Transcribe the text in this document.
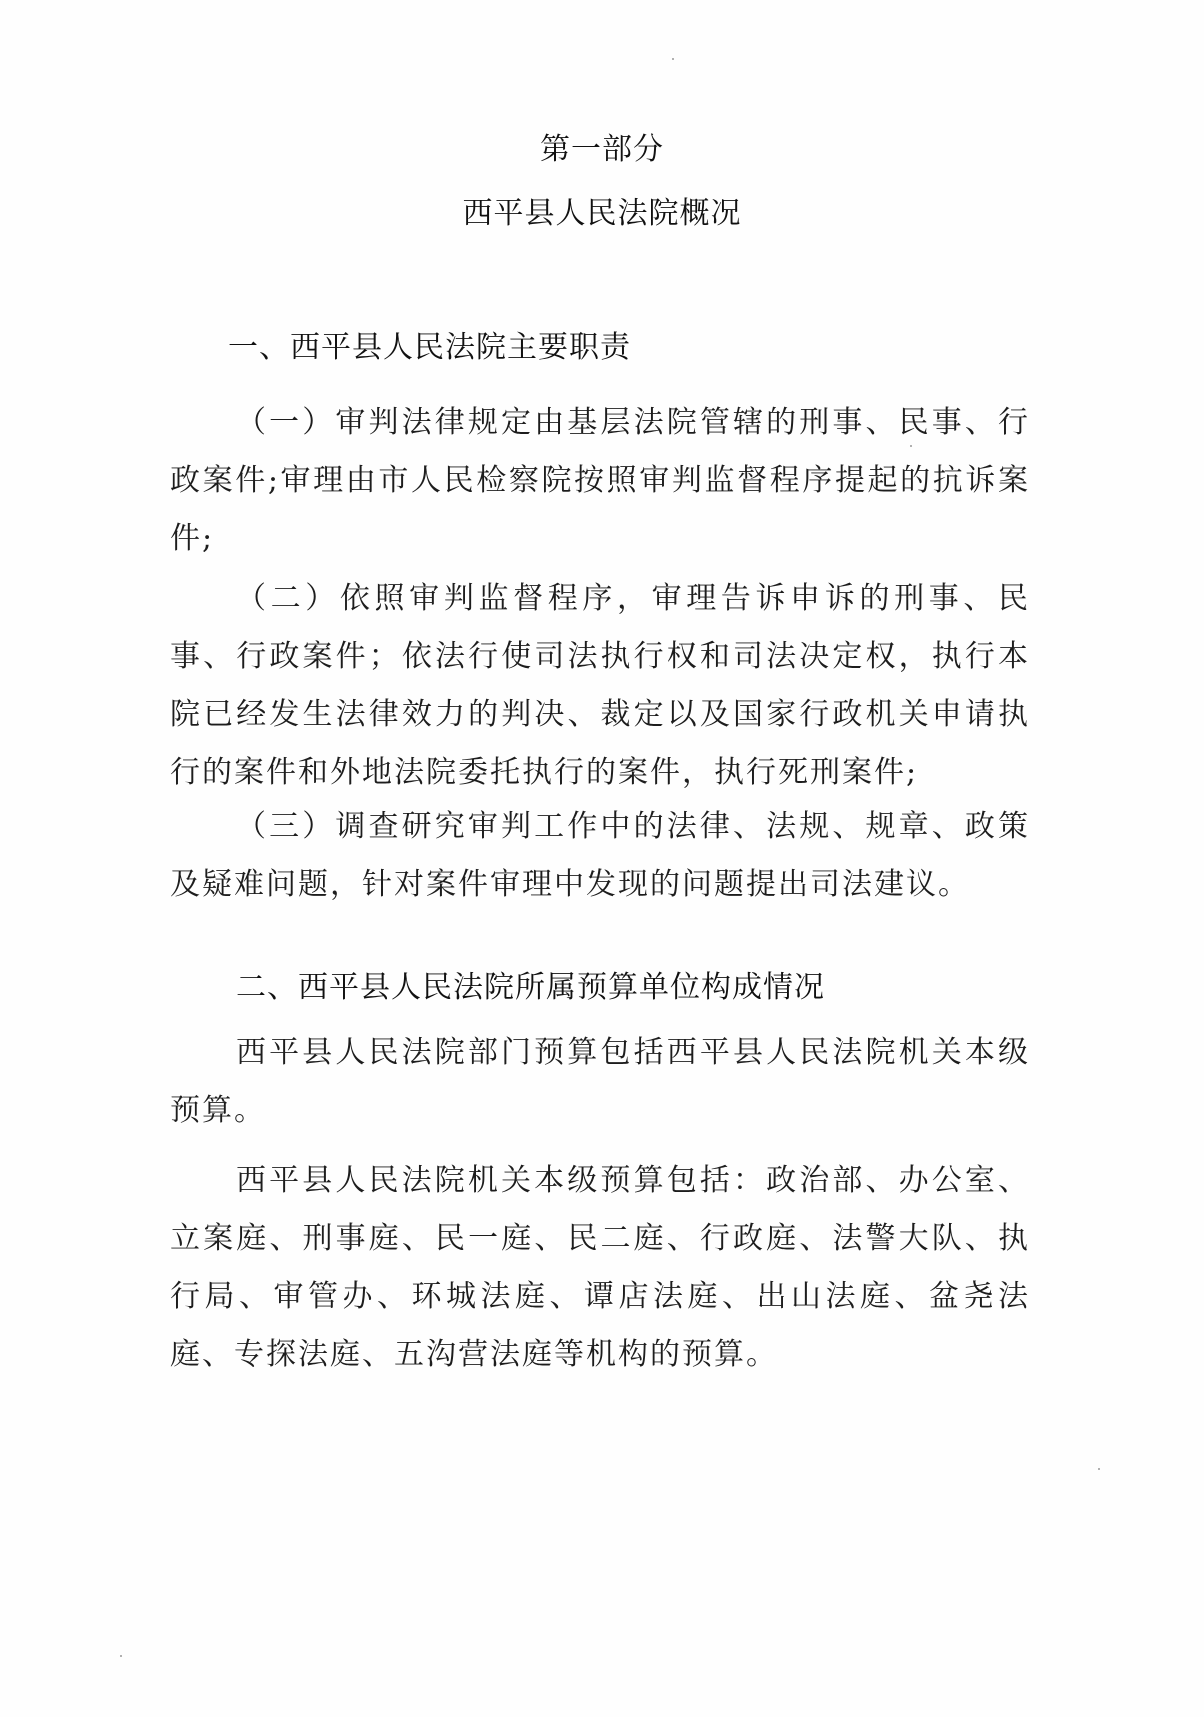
第一部分
西平县人民法院概况
一、西平县人民法院主要职责
（一）审判法律规定由基层法院管辖的刑事、民事、行政案件;审理由市人民检察院按照审判监督程序提起的抗诉案件;
（二）依照审判监督程序，审理告诉申诉的刑事、民事、行政案件；依法行使司法执行权和司法决定权，执行本院已经发生法律效力的判决、裁定以及国家行政机关申请执行的案件和外地法院委托执行的案件，执行死刑案件;
（三）调查研究审判工作中的法律、法规、规章、政策及疑难问题，针对案件审理中发现的问题提出司法建议。
二、西平县人民法院所属预算单位构成情况
西平县人民法院部门预算包括西平县人民法院机关本级预算。
西平县人民法院机关本级预算包括：政治部、办公室、立案庭、刑事庭、民一庭、民二庭、行政庭、法警大队、执行局、审管办、环城法庭、谭店法庭、出山法庭、盆尧法庭、专探法庭、五沟营法庭等机构的预算。
